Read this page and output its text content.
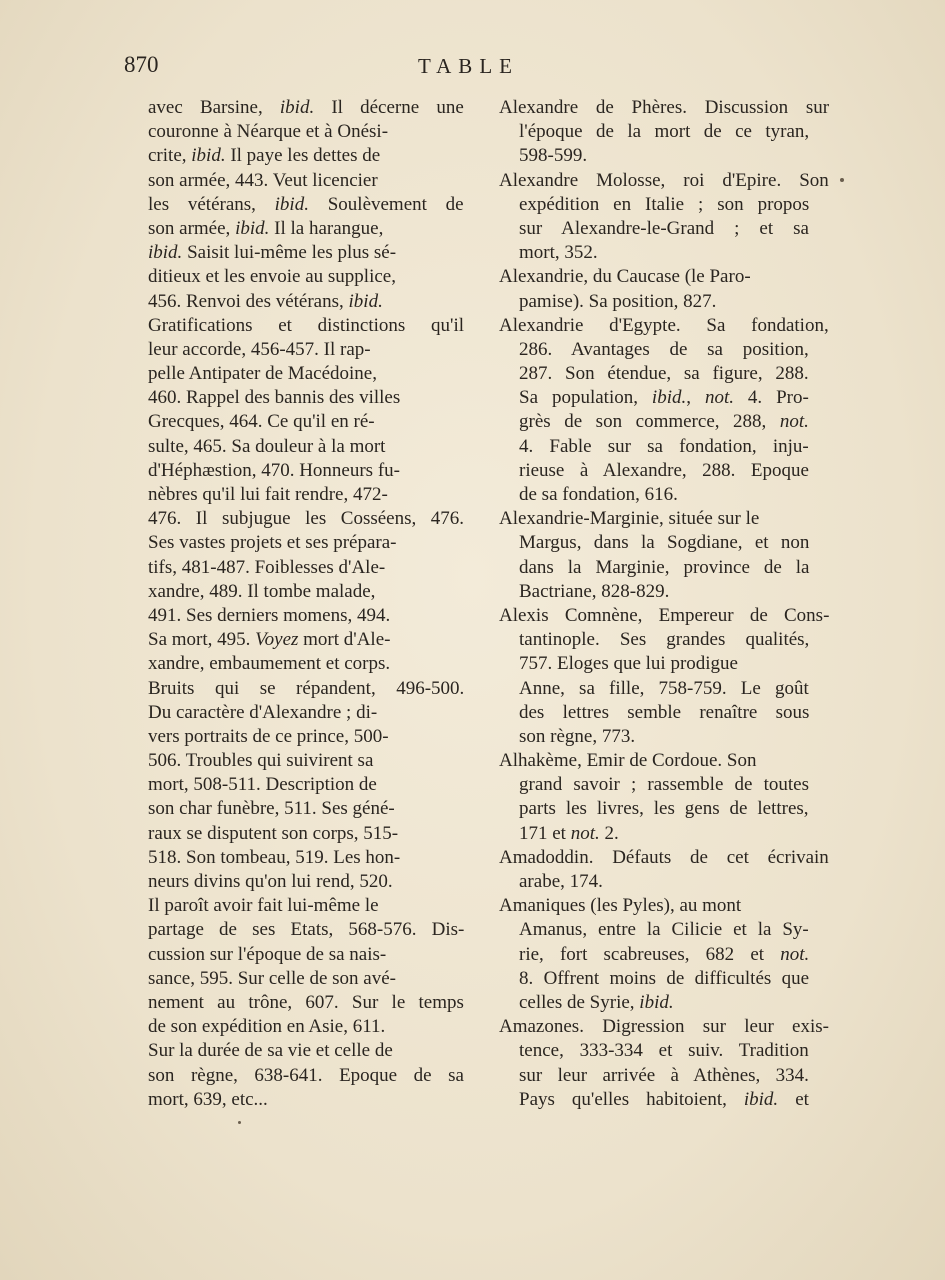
870	TABLE
avec Barsine, ibid. Il décerne une
couronne à Néarque et à Onési-
crite, ibid. Il paye les dettes de
son armée, 443. Veut licencier
les vétérans, ibid. Soulèvement de
son armée, ibid. Il la harangue,
ibid. Saisit lui-même les plus sé-
ditieux et les envoie au supplice,
456. Renvoi des vétérans, ibid.
Gratifications et distinctions qu'il
leur accorde, 456-457. Il rap-
pelle Antipater de Macédoine,
460. Rappel des bannis des villes
Grecques, 464. Ce qu'il en ré-
sulte, 465. Sa douleur à la mort
d'Héphæstion, 470. Honneurs fu-
nèbres qu'il lui fait rendre, 472-
476. Il subjugue les Cosséens, 476.
Ses vastes projets et ses prépara-
tifs, 481-487. Foiblesses d'Ale-
xandre, 489. Il tombe malade,
491. Ses derniers momens, 494.
Sa mort, 495. Voyez mort d'Ale-
xandre, embaumement et corps.
Bruits qui se répandent, 496-500.
Du caractère d'Alexandre ; di-
vers portraits de ce prince, 500-
506. Troubles qui suivirent sa
mort, 508-511. Description de
son char funèbre, 511. Ses géné-
raux se disputent son corps, 515-
518. Son tombeau, 519. Les hon-
neurs divins qu'on lui rend, 520.
Il paroît avoir fait lui-même le
partage de ses Etats, 568-576. Dis-
cussion sur l'époque de sa nais-
sance, 595. Sur celle de son avé-
nement au trône, 607. Sur le temps
de son expédition en Asie, 611.
Sur la durée de sa vie et celle de
son règne, 638-641. Epoque de sa
mort, 639, etc...
Alexandre de Phères. Discussion sur
l'époque de la mort de ce tyran,
598-599.
Alexandre Molosse, roi d'Epire. Son
expédition en Italie ; son propos
sur Alexandre-le-Grand ; et sa
mort, 352.
Alexandrie, du Caucase (le Paro-
pamise). Sa position, 827.
Alexandrie d'Egypte. Sa fondation,
286. Avantages de sa position,
287. Son étendue, sa figure, 288.
Sa population, ibid., not. 4. Pro-
grès de son commerce, 288, not.
4. Fable sur sa fondation, inju-
rieuse à Alexandre, 288. Epoque
de sa fondation, 616.
Alexandrie-Marginie, située sur le
Margus, dans la Sogdiane, et non
dans la Marginie, province de la
Bactriane, 828-829.
Alexis Comnène, Empereur de Cons-
tantinople. Ses grandes qualités,
757. Eloges que lui prodigue
Anne, sa fille, 758-759. Le goût
des lettres semble renaître sous
son règne, 773.
Alhakème, Emir de Cordoue. Son
grand savoir ; rassemble de toutes
parts les livres, les gens de lettres,
171 et not. 2.
Amadoddin. Défauts de cet écrivain
arabe, 174.
Amaniques (les Pyles), au mont
Amanus, entre la Cilicie et la Sy-
rie, fort scabreuses, 682 et not.
8. Offrent moins de difficultés que
celles de Syrie, ibid.
Amazones. Digression sur leur exis-
tence, 333-334 et suiv. Tradition
sur leur arrivée à Athènes, 334.
Pays qu'elles habitoient, ibid. et
